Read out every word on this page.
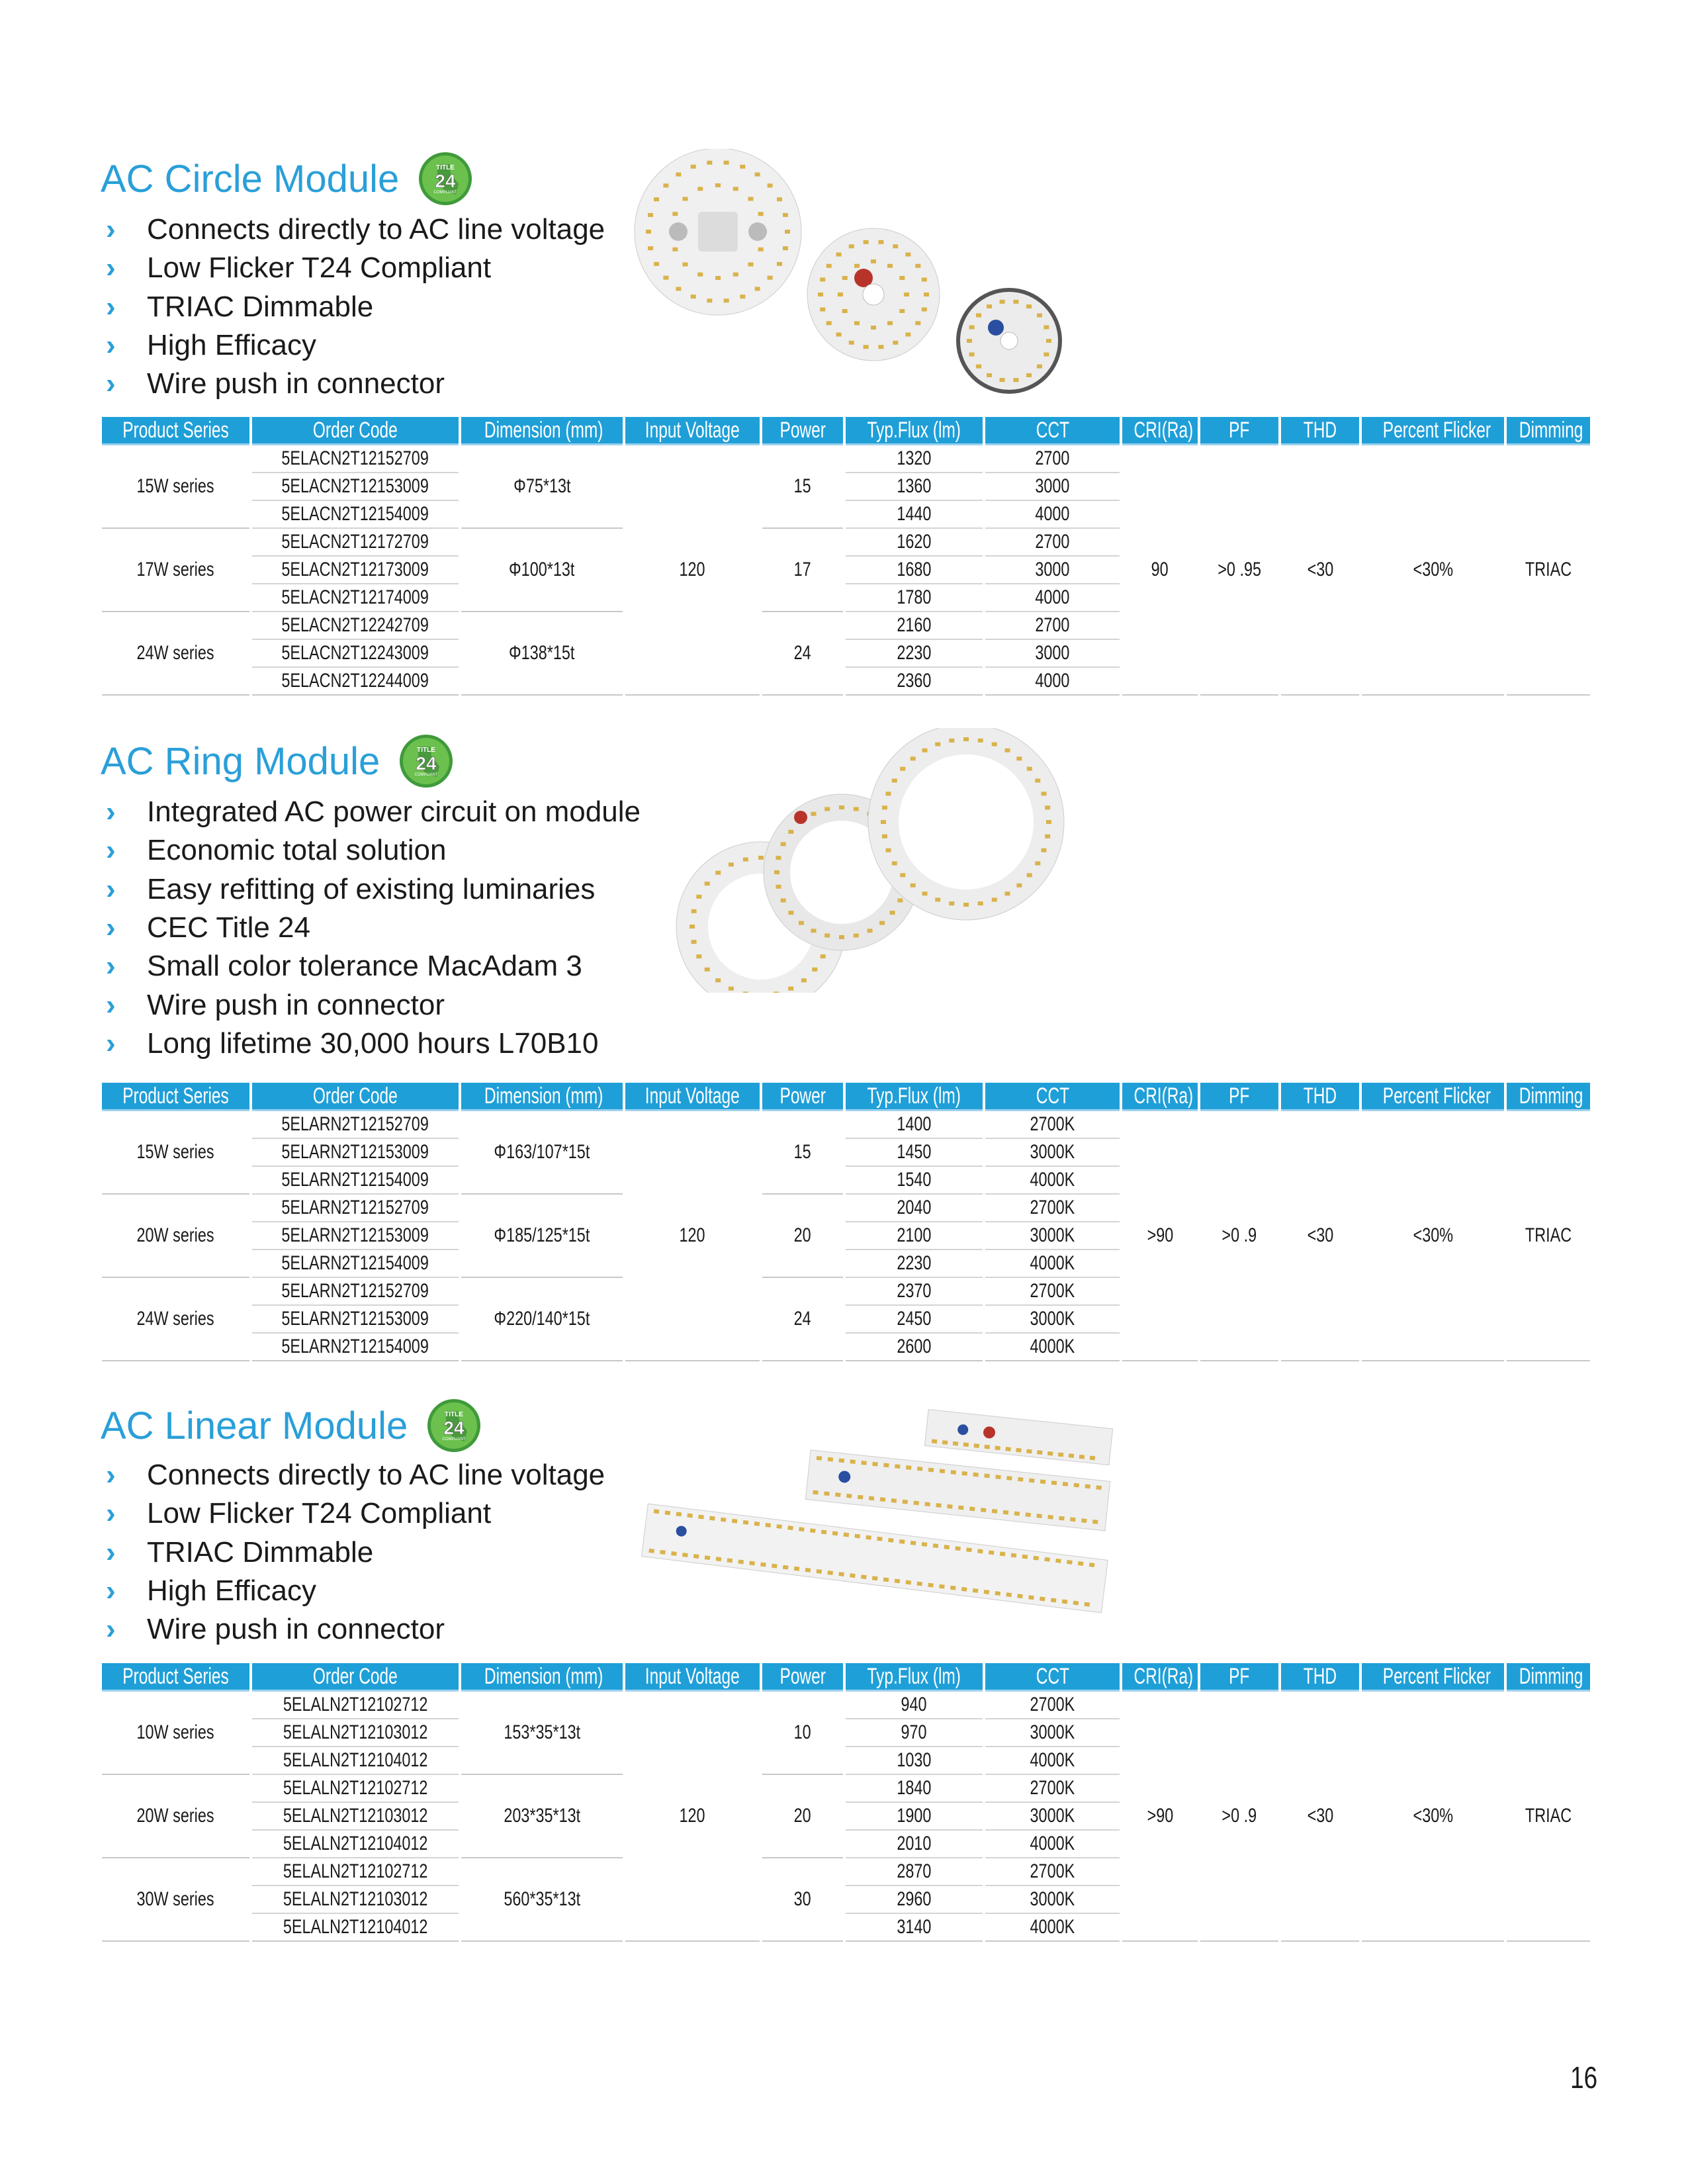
AC Circle Module	TITLE
24
COMPLIANT
›	Connects directly to AC line voltage
›	Low Flicker T24 Compliant
›	TRIAC Dimmable
›	High Efficacy
›	Wire push in connector
Product Series	Order Code	Dimension (mm)	Input Voltage	Power	Typ.Flux (lm)	CCT	CRI(Ra)	PF	THD	Percent Flicker	Dimming
15W series	5ELACN2T12152709	Φ75*13t	120	15	1320	2700	90	>0 .95	<30	<30%	TRIAC
	5ELACN2T12153009				1360	3000					
	5ELACN2T12154009				1440	4000					
17W series	5ELACN2T12172709	Φ100*13t		17	1620	2700					
	5ELACN2T12173009				1680	3000					
	5ELACN2T12174009				1780	4000					
24W series	5ELACN2T12242709	Φ138*15t		24	2160	2700					
	5ELACN2T12243009				2230	3000					
	5ELACN2T12244009				2360	4000					
AC Ring Module	TITLE
24
COMPLIANT
›	Integrated AC power circuit on module
›	Economic total solution
›	Easy refitting of existing luminaries
›	CEC Title 24
›	Small color tolerance MacAdam 3
›	Wire push in connector
›	Long lifetime 30,000 hours L70B10
Product Series	Order Code	Dimension (mm)	Input Voltage	Power	Typ.Flux (lm)	CCT	CRI(Ra)	PF	THD	Percent Flicker	Dimming
15W series	5ELARN2T12152709	Φ163/107*15t	120	15	1400	2700K	>90	>0 .9	<30	<30%	TRIAC
	5ELARN2T12153009				1450	3000K					
	5ELARN2T12154009				1540	4000K					
20W series	5ELARN2T12152709	Φ185/125*15t		20	2040	2700K					
	5ELARN2T12153009				2100	3000K					
	5ELARN2T12154009				2230	4000K					
24W series	5ELARN2T12152709	Φ220/140*15t		24	2370	2700K					
	5ELARN2T12153009				2450	3000K					
	5ELARN2T12154009				2600	4000K					
AC Linear Module	TITLE
24
COMPLIANT
›	Connects directly to AC line voltage
›	Low Flicker T24 Compliant
›	TRIAC Dimmable
›	High Efficacy
›	Wire push in connector
Product Series	Order Code	Dimension (mm)	Input Voltage	Power	Typ.Flux (lm)	CCT	CRI(Ra)	PF	THD	Percent Flicker	Dimming
10W series	5ELALN2T12102712	153*35*13t	120	10	940	2700K	>90	>0 .9	<30	<30%	TRIAC
	5ELALN2T12103012				970	3000K					
	5ELALN2T12104012				1030	4000K					
20W series	5ELALN2T12102712	203*35*13t		20	1840	2700K					
	5ELALN2T12103012				1900	3000K					
	5ELALN2T12104012				2010	4000K					
30W series	5ELALN2T12102712	560*35*13t		30	2870	2700K					
	5ELALN2T12103012				2960	3000K					
	5ELALN2T12104012				3140	4000K					
16
